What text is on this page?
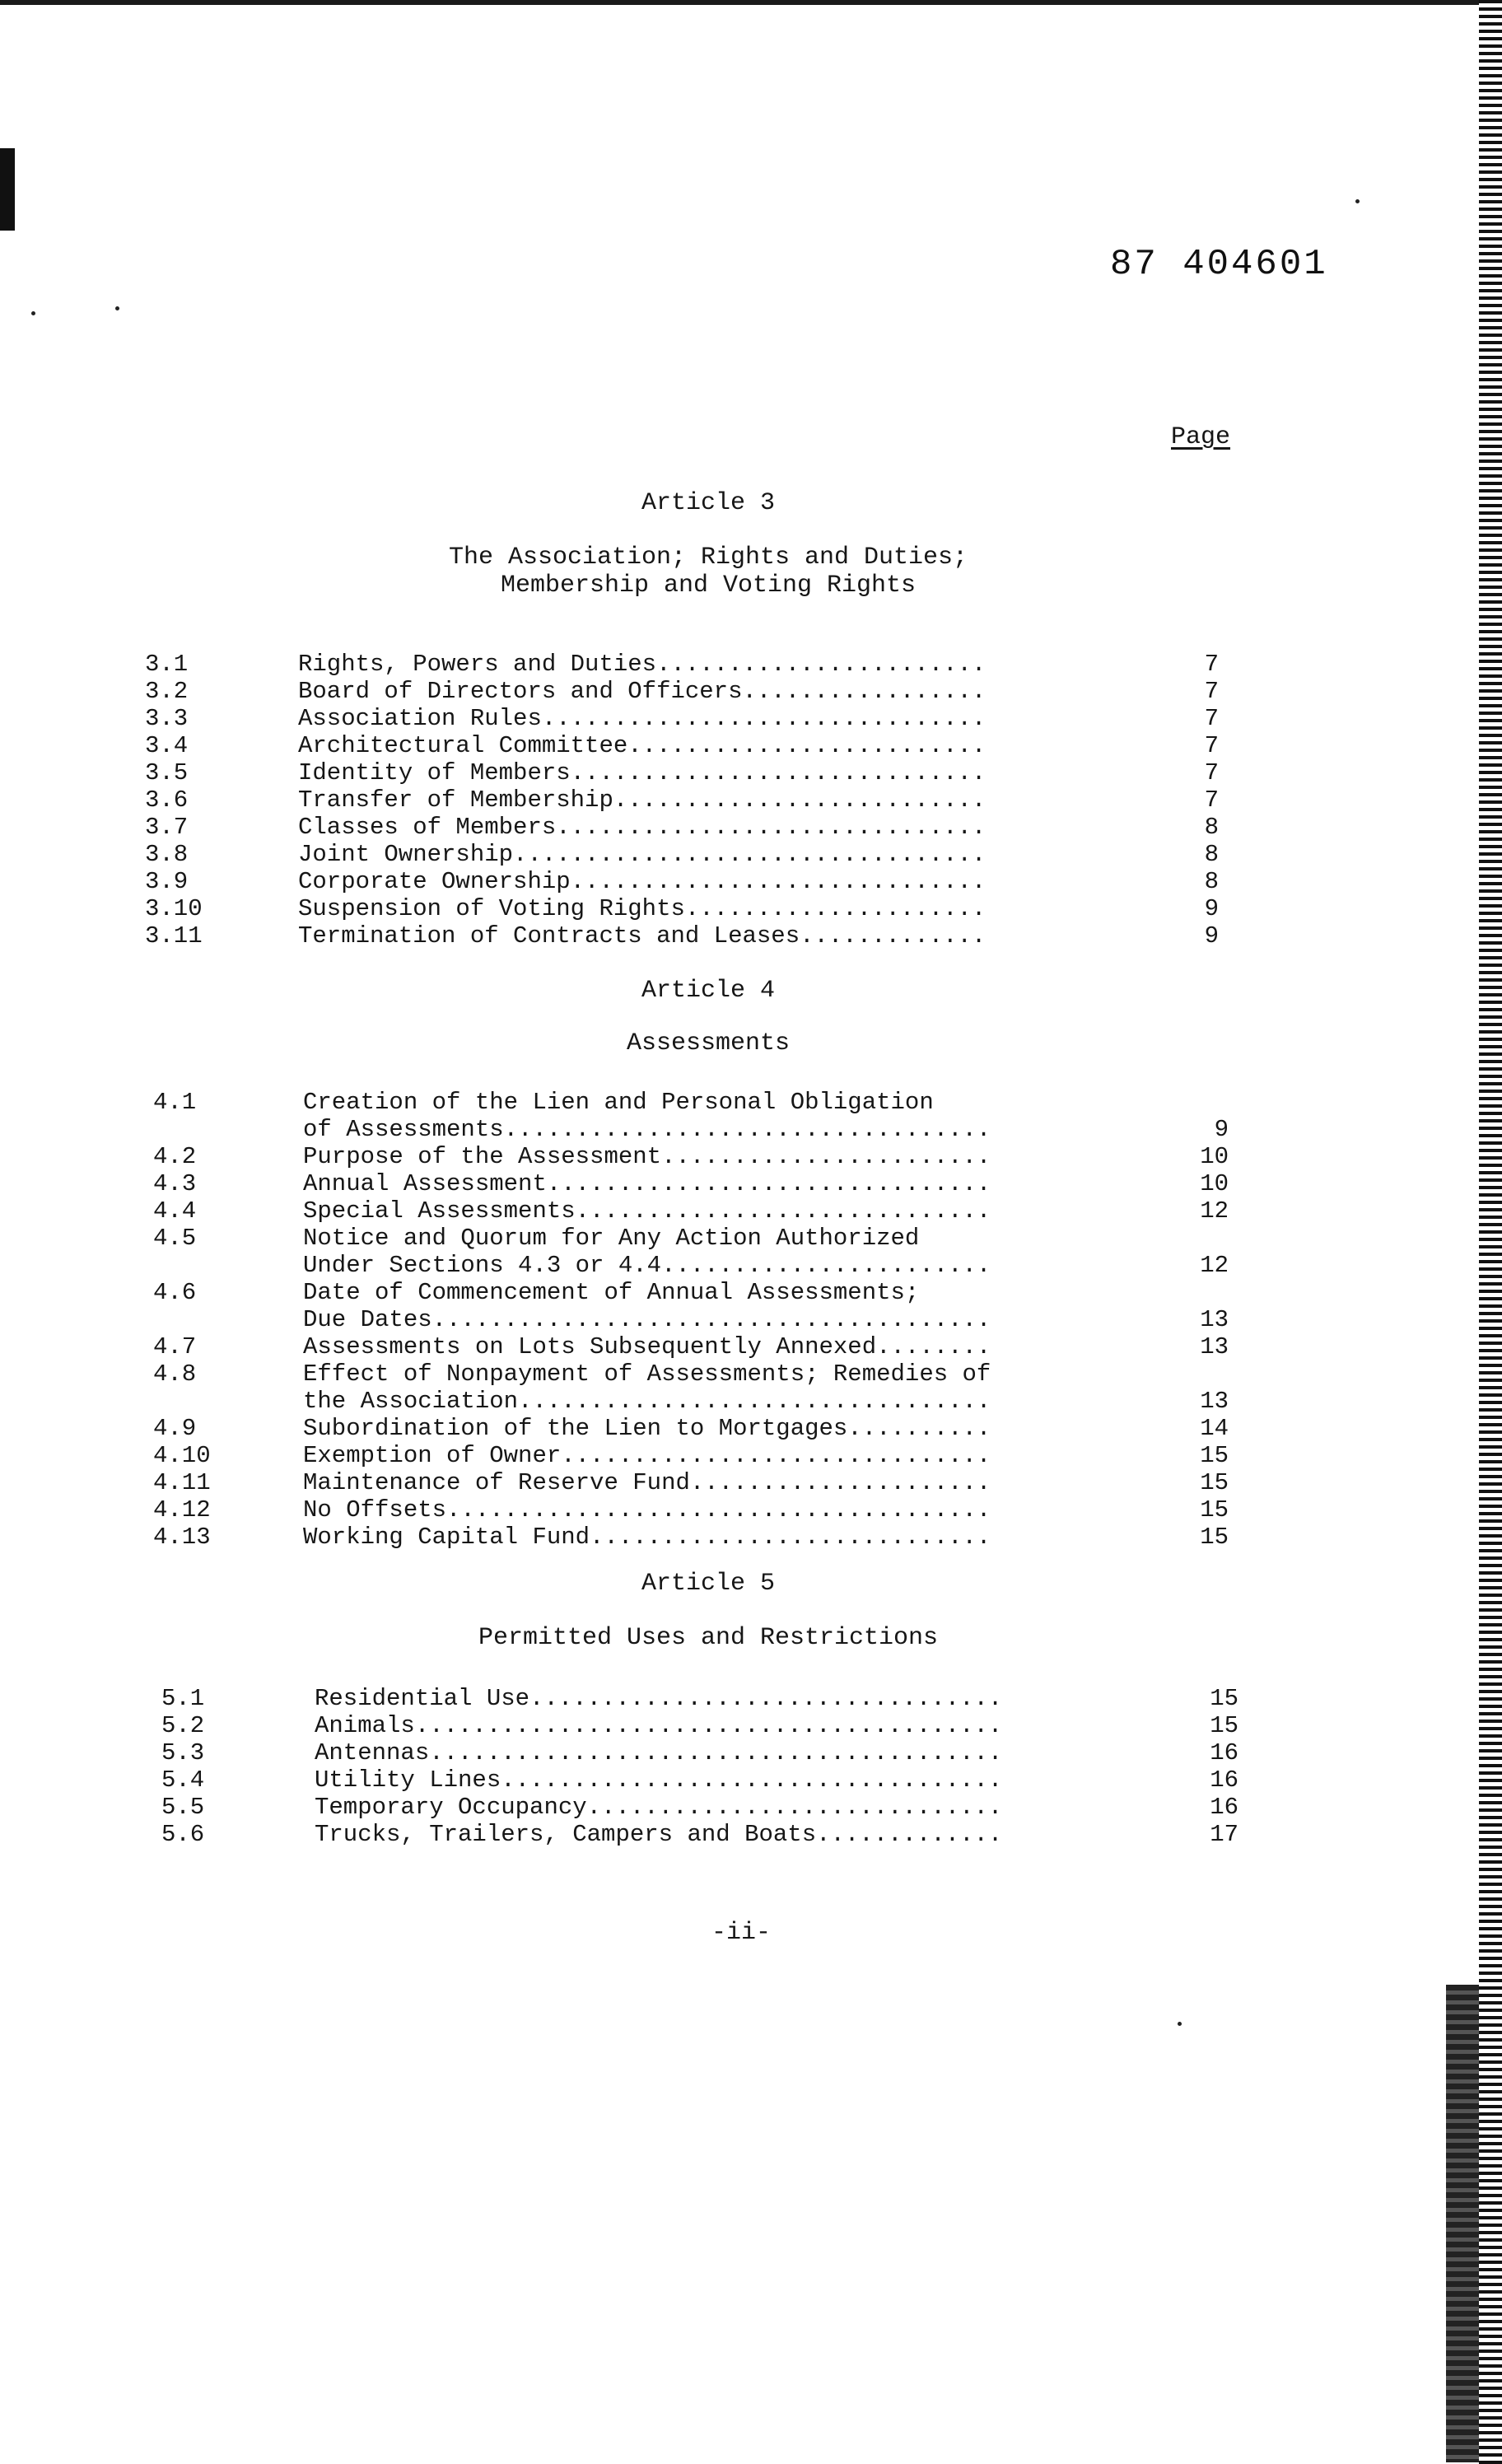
87 404601
Page
Article 3
The Association; Rights and Duties;
Membership and Voting Rights
3.1	Rights, Powers and Duties.......................	7
3.2	Board of Directors and Officers.................	7
3.3	Association Rules...............................	7
3.4	Architectural Committee.........................	7
3.5	Identity of Members.............................	7
3.6	Transfer of Membership..........................	7
3.7	Classes of Members..............................	8
3.8	Joint Ownership.................................	8
3.9	Corporate Ownership.............................	8
3.10	Suspension of Voting Rights.....................	9
3.11	Termination of Contracts and Leases.............	9
Article 4
Assessments
4.1	Creation of the Lien and Personal Obligation
of Assessments..................................	9
4.2	Purpose of the Assessment.......................	10
4.3	Annual Assessment...............................	10
4.4	Special Assessments.............................	12
4.5	Notice and Quorum for Any Action Authorized
Under Sections 4.3 or 4.4.......................	12
4.6	Date of Commencement of Annual Assessments;
Due Dates.......................................	13
4.7	Assessments on Lots Subsequently Annexed........	13
4.8	Effect of Nonpayment of Assessments; Remedies of
the Association.................................	13
4.9	Subordination of the Lien to Mortgages..........	14
4.10	Exemption of Owner..............................	15
4.11	Maintenance of Reserve Fund.....................	15
4.12	No Offsets......................................	15
4.13	Working Capital Fund............................	15
Article 5
Permitted Uses and Restrictions
5.1	Residential Use.................................	15
5.2	Animals.........................................	15
5.3	Antennas........................................	16
5.4	Utility Lines...................................	16
5.5	Temporary Occupancy.............................	16
5.6	Trucks, Trailers, Campers and Boats.............	17
-ii-
